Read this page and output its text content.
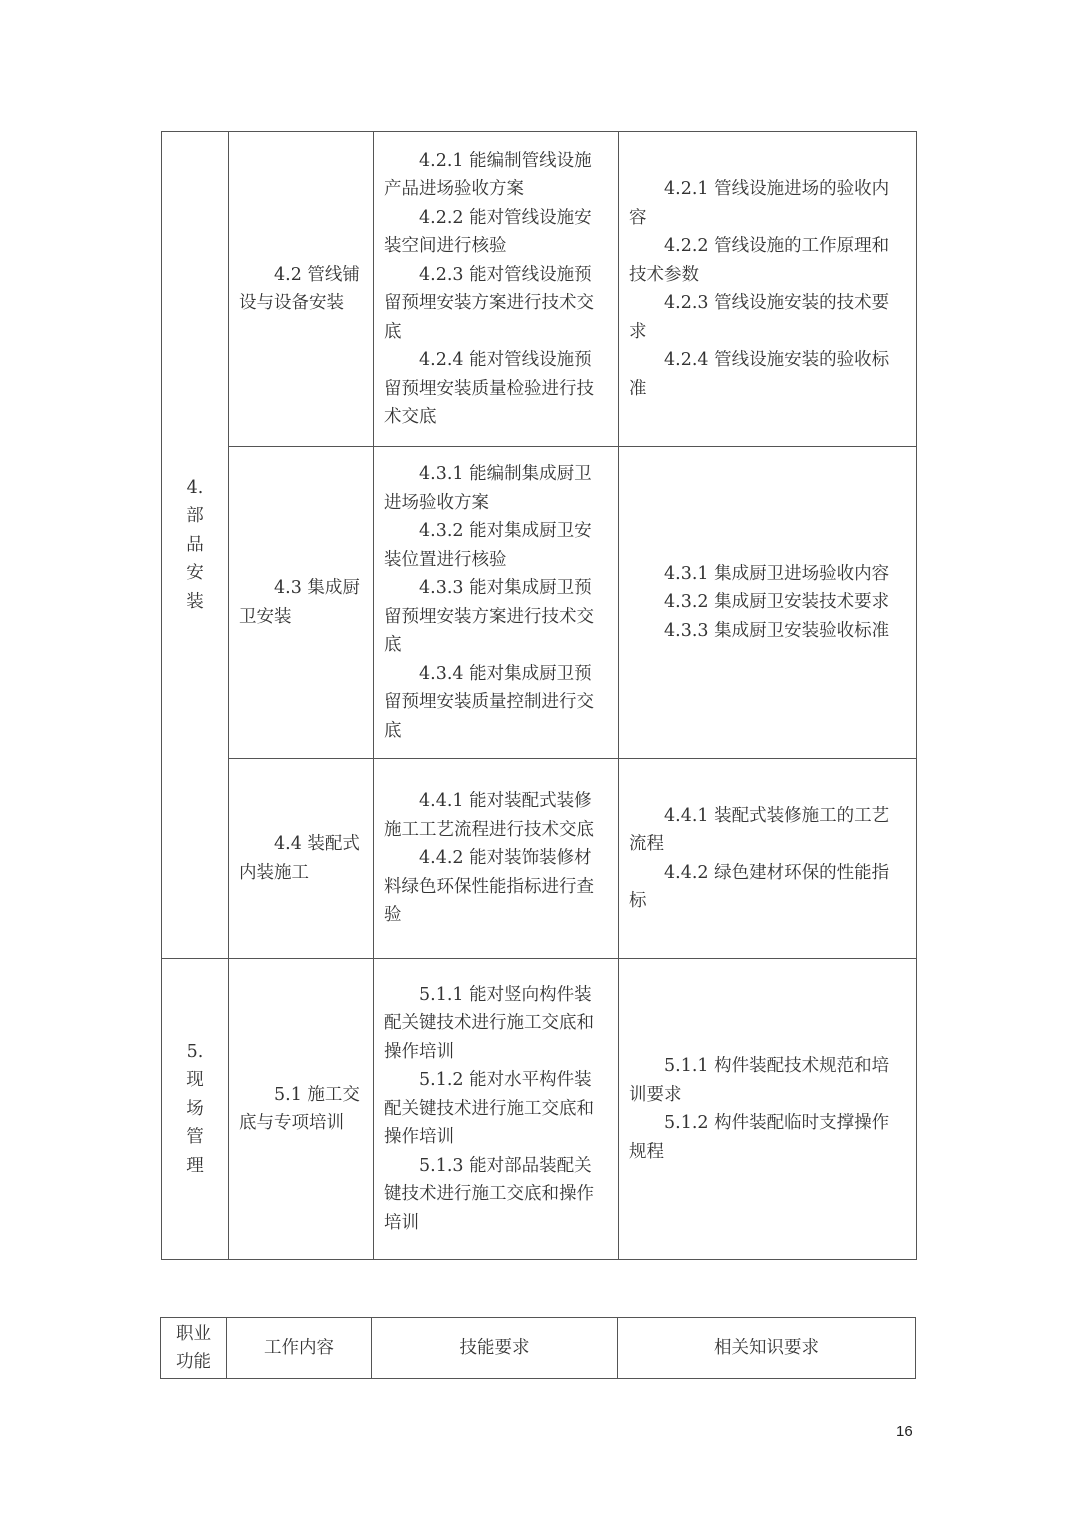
4.
部
品
安
装	4.2 管线铺设与设备安装	4.2.1 能编制管线设施产品进场验收方案
4.2.2 能对管线设施安装空间进行核验
4.2.3 能对管线设施预留预埋安装方案进行技术交底
4.2.4 能对管线设施预留预埋安装质量检验进行技术交底	4.2.1 管线设施进场的验收内容
4.2.2 管线设施的工作原理和技术参数
4.2.3 管线设施安装的技术要求
4.2.4 管线设施安装的验收标准

	4.3 集成厨卫安装	4.3.1 能编制集成厨卫进场验收方案
4.3.2 能对集成厨卫安装位置进行核验
4.3.3 能对集成厨卫预留预埋安装方案进行技术交底
4.3.4 能对集成厨卫预留预埋安装质量控制进行交底	4.3.1 集成厨卫进场验收内容
4.3.2 集成厨卫安装技术要求
4.3.3 集成厨卫安装验收标准

	4.4 装配式内装施工	4.4.1 能对装配式装修施工工艺流程进行技术交底
4.4.2 能对装饰装修材料绿色环保性能指标进行查验	4.4.1 装配式装修施工的工艺流程
4.4.2 绿色建材环保的性能指标

5.
现
场
管
理	5.1 施工交底与专项培训	5.1.1 能对竖向构件装配关键技术进行施工交底和操作培训
5.1.2 能对水平构件装配关键技术进行施工交底和操作培训
5.1.3 能对部品装配关键技术进行施工交底和操作培训	5.1.1 构件装配技术规范和培训要求
5.1.2 构件装配临时支撑操作规程
职业功能	工作内容	技能要求	相关知识要求
16
